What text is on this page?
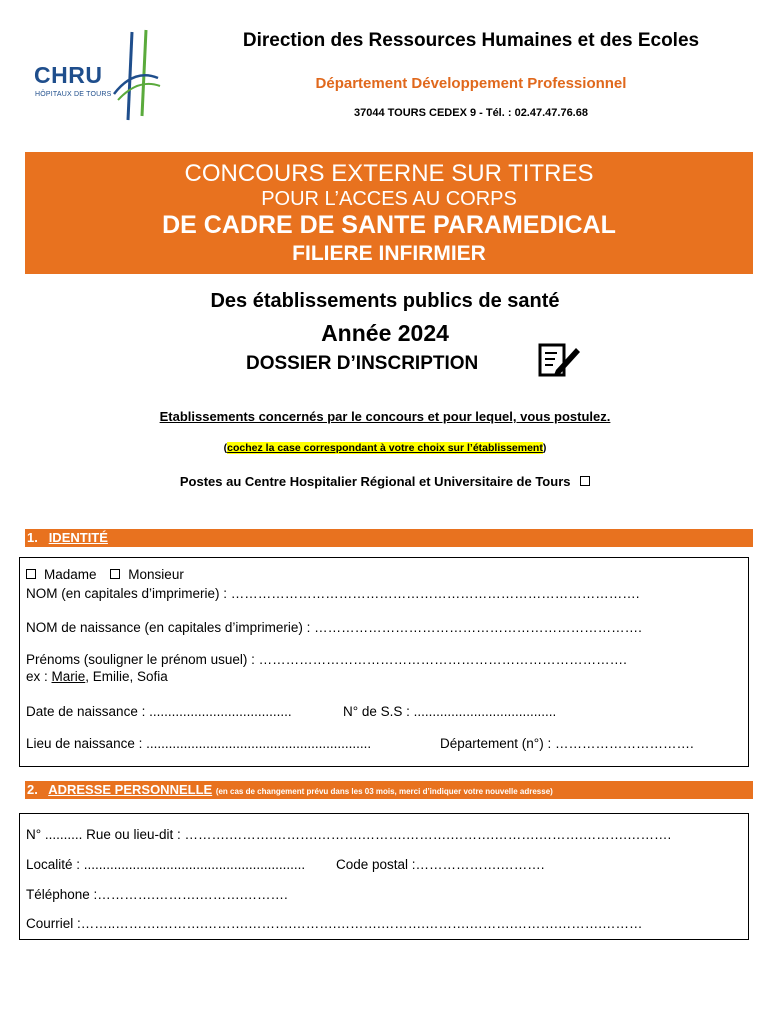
CHRU
HÔPITAUX DE TOURS
Direction des Ressources Humaines et des Ecoles
Département Développement Professionnel
37044 TOURS CEDEX 9 - Tél. : 02.47.47.76.68
CONCOURS EXTERNE SUR TITRES
POUR L’ACCES AU CORPS
DE CADRE DE SANTE PARAMEDICAL
FILIERE INFIRMIER
Des établissements publics de santé
Année 2024
DOSSIER D’INSCRIPTION
Etablissements concernés par le concours et pour lequel, vous postulez.
(cochez la case correspondant à votre choix sur l’établissement)
Postes au Centre Hospitalier Régional et Universitaire de Tours
1. IDENTITÉ
Madame Monsieur
NOM (en capitales d’imprimerie) : ……………………………………………………………………………….
NOM de naissance (en capitales d’imprimerie) : ……………………………………………………………….
Prénoms (souligner le prénom usuel) : ……………………………………………………………………….
ex : Marie, Emilie, Sofia
Date de naissance : ......................................	N° de S.S : ......................................
Lieu de naissance : ............................................................	Département (n°) : ………………………….
2. ADRESSE PERSONNELLE (en cas de changement prévu dans les 03 mois, merci d’indiquer votre nouvelle adresse)
N° .......... Rue ou lieu-dit : ……….……….……….……….……….……….……….……….……….……….……….
Localité : ........................................................... Code postal :……………….……….
Téléphone :………….……….……….……….
Courriel :……..……….……….……….……….……….……….……….……….……….……….……….………
